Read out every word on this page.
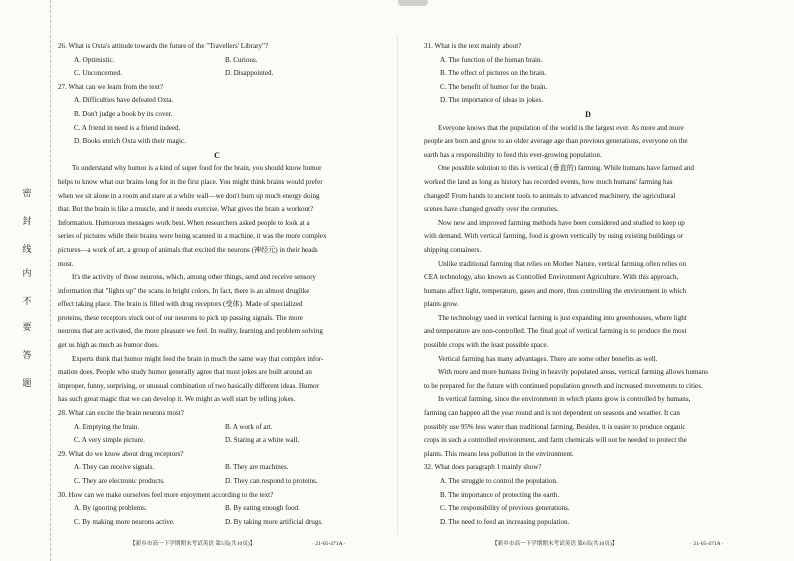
密
封
线
内
不
要
答
题
26. What is Oxta's attitude towards the future of the "Travellers' Library"?
A. Optimistic.	B. Curious.
C. Unconcerned.	D. Disappointed.
27. What can we learn from the text?
A. Difficulties have defeated Oxta.
B. Don't judge a book by its cover.
C. A friend in need is a friend indeed.
D. Books enrich Oxta with their magic.
C
To understand why humor is a kind of super food for the brain, you should know humor
helps to know what our brains long for in the first place. You might think brains would prefer
when we sit alone in a room and stare at a white wall—we don't burn up much energy doing
that. But the brain is like a muscle, and it needs exercise. What gives the brain a workout?
Information. Humorous messages work best. When researchers asked people to look at a
series of pictures while their brains were being scanned in a machine, it was the more complex
pictures—a work of art, a group of animals that excited the neurons (神经元) in their heads
most.
It's the activity of those neurons, which, among other things, send and receive sensory
information that "lights up" the scans in bright colors. In fact, there is an almost druglike
effect taking place. The brain is filled with drug receptors (受体). Made of specialized
proteins, these receptors stuck out of our neurons to pick up passing signals. The more
neurons that are activated, the more pleasure we feel. In reality, learning and problem solving
get us high as much as humor does.
Experts think that humor might feed the brain in much the same way that complex infor-
mation does. People who study humor generally agree that most jokes are built around an
improper, funny, surprising, or unusual combination of two basically different ideas. Humor
has such great magic that we can develop it. We might as well start by telling jokes.
28. What can excite the brain neurons most?
A. Emptying the brain.	B. A work of art.
C. A very simple picture.	D. Staring at a white wall.
29. What do we know about drug receptors?
A. They can receive signals.	B. They are machines.
C. They are electronic products.	D. They can respond to proteins.
30. How can we make ourselves feel more enjoyment according to the text?
A. By ignoring problems.	B. By eating enough food.
C. By making more neurons active.	D. By taking more artificial drugs.
【新乡市高一下学期期末考试英语 第5页(共10页)】	· 21-05-471A ·
31. What is the text mainly about?
A. The function of the human brain.
B. The effect of pictures on the brain.
C. The benefit of humor for the brain.
D. The importance of ideas in jokes.
D
Everyone knows that the population of the world is the largest ever. As more and more
people are born and grow to an older average age than previous generations, everyone on the
earth has a responsibility to feed this ever-growing population.
One possible solution to this is vertical (垂直的) farming. While humans have farmed and
worked the land as long as history has recorded events, how much humans' farming has
changed! From hands to ancient tools to animals to advanced machinery, the agricultural
scenes have changed greatly over the centuries.
Now new and improved farming methods have been considered and studied to keep up
with demand. With vertical farming, food is grown vertically by using existing buildings or
shipping containers.
Unlike traditional farming that relies on Mother Nature, vertical farming often relies on
CEA technology, also known as Controlled Environment Agriculture. With this approach,
humans affect light, temperature, gases and more, thus controlling the environment in which
plants grow.
The technology used in vertical farming is just expanding into greenhouses, where light
and temperature are non-controlled. The final goal of vertical farming is to produce the most
possible crops with the least possible space.
Vertical farming has many advantages. There are some other benefits as well.
With more and more humans living in heavily populated areas, vertical farming allows humans
to be prepared for the future with continued population growth and increased movements to cities.
In vertical farming, since the environment in which plants grow is controlled by humans,
farming can happen all the year round and is not dependent on seasons and weather. It can
possibly use 95% less water than traditional farming. Besides, it is easier to produce organic
crops in such a controlled environment, and farm chemicals will not be needed to protect the
plants. This means less pollution in the environment.
32. What does paragraph 1 mainly show?
A. The struggle to control the population.
B. The importance of protecting the earth.
C. The responsibility of previous generations.
D. The need to feed an increasing population.
【新乡市高一下学期期末考试英语 第6页(共10页)】	· 21-05-471A ·
